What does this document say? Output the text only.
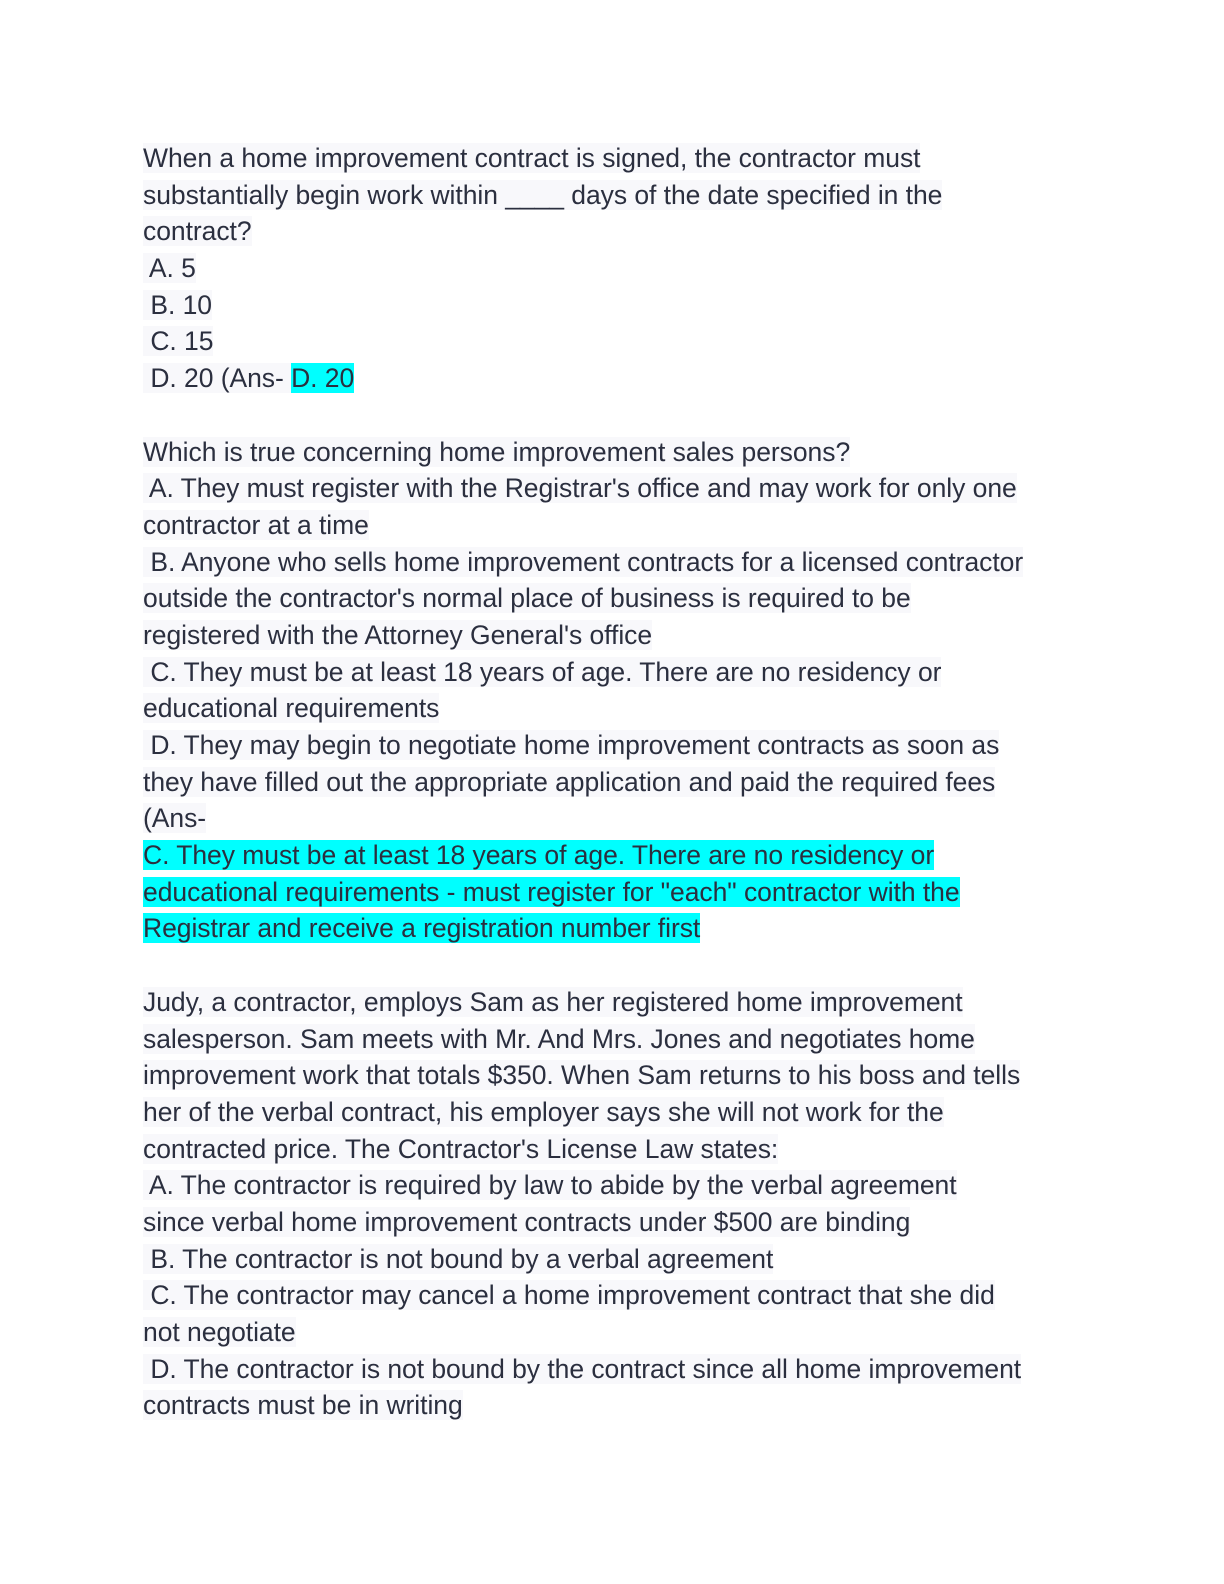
When a home improvement contract is signed, the contractor must
substantially begin work within ____ days of the date specified in the
contract?
A. 5
B. 10
C. 15
D. 20 (Ans- D. 20
Which is true concerning home improvement sales persons?
A. They must register with the Registrar's office and may work for only one
contractor at a time
B. Anyone who sells home improvement contracts for a licensed contractor
outside the contractor's normal place of business is required to be
registered with the Attorney General's office
C. They must be at least 18 years of age. There are no residency or
educational requirements
D. They may begin to negotiate home improvement contracts as soon as
they have filled out the appropriate application and paid the required fees
(Ans-
C. They must be at least 18 years of age. There are no residency or
educational requirements - must register for "each" contractor with the
Registrar and receive a registration number first
Judy, a contractor, employs Sam as her registered home improvement
salesperson. Sam meets with Mr. And Mrs. Jones and negotiates home
improvement work that totals $350. When Sam returns to his boss and tells
her of the verbal contract, his employer says she will not work for the
contracted price. The Contractor's License Law states:
A. The contractor is required by law to abide by the verbal agreement
since verbal home improvement contracts under $500 are binding
B. The contractor is not bound by a verbal agreement
C. The contractor may cancel a home improvement contract that she did
not negotiate
D. The contractor is not bound by the contract since all home improvement
contracts must be in writing
